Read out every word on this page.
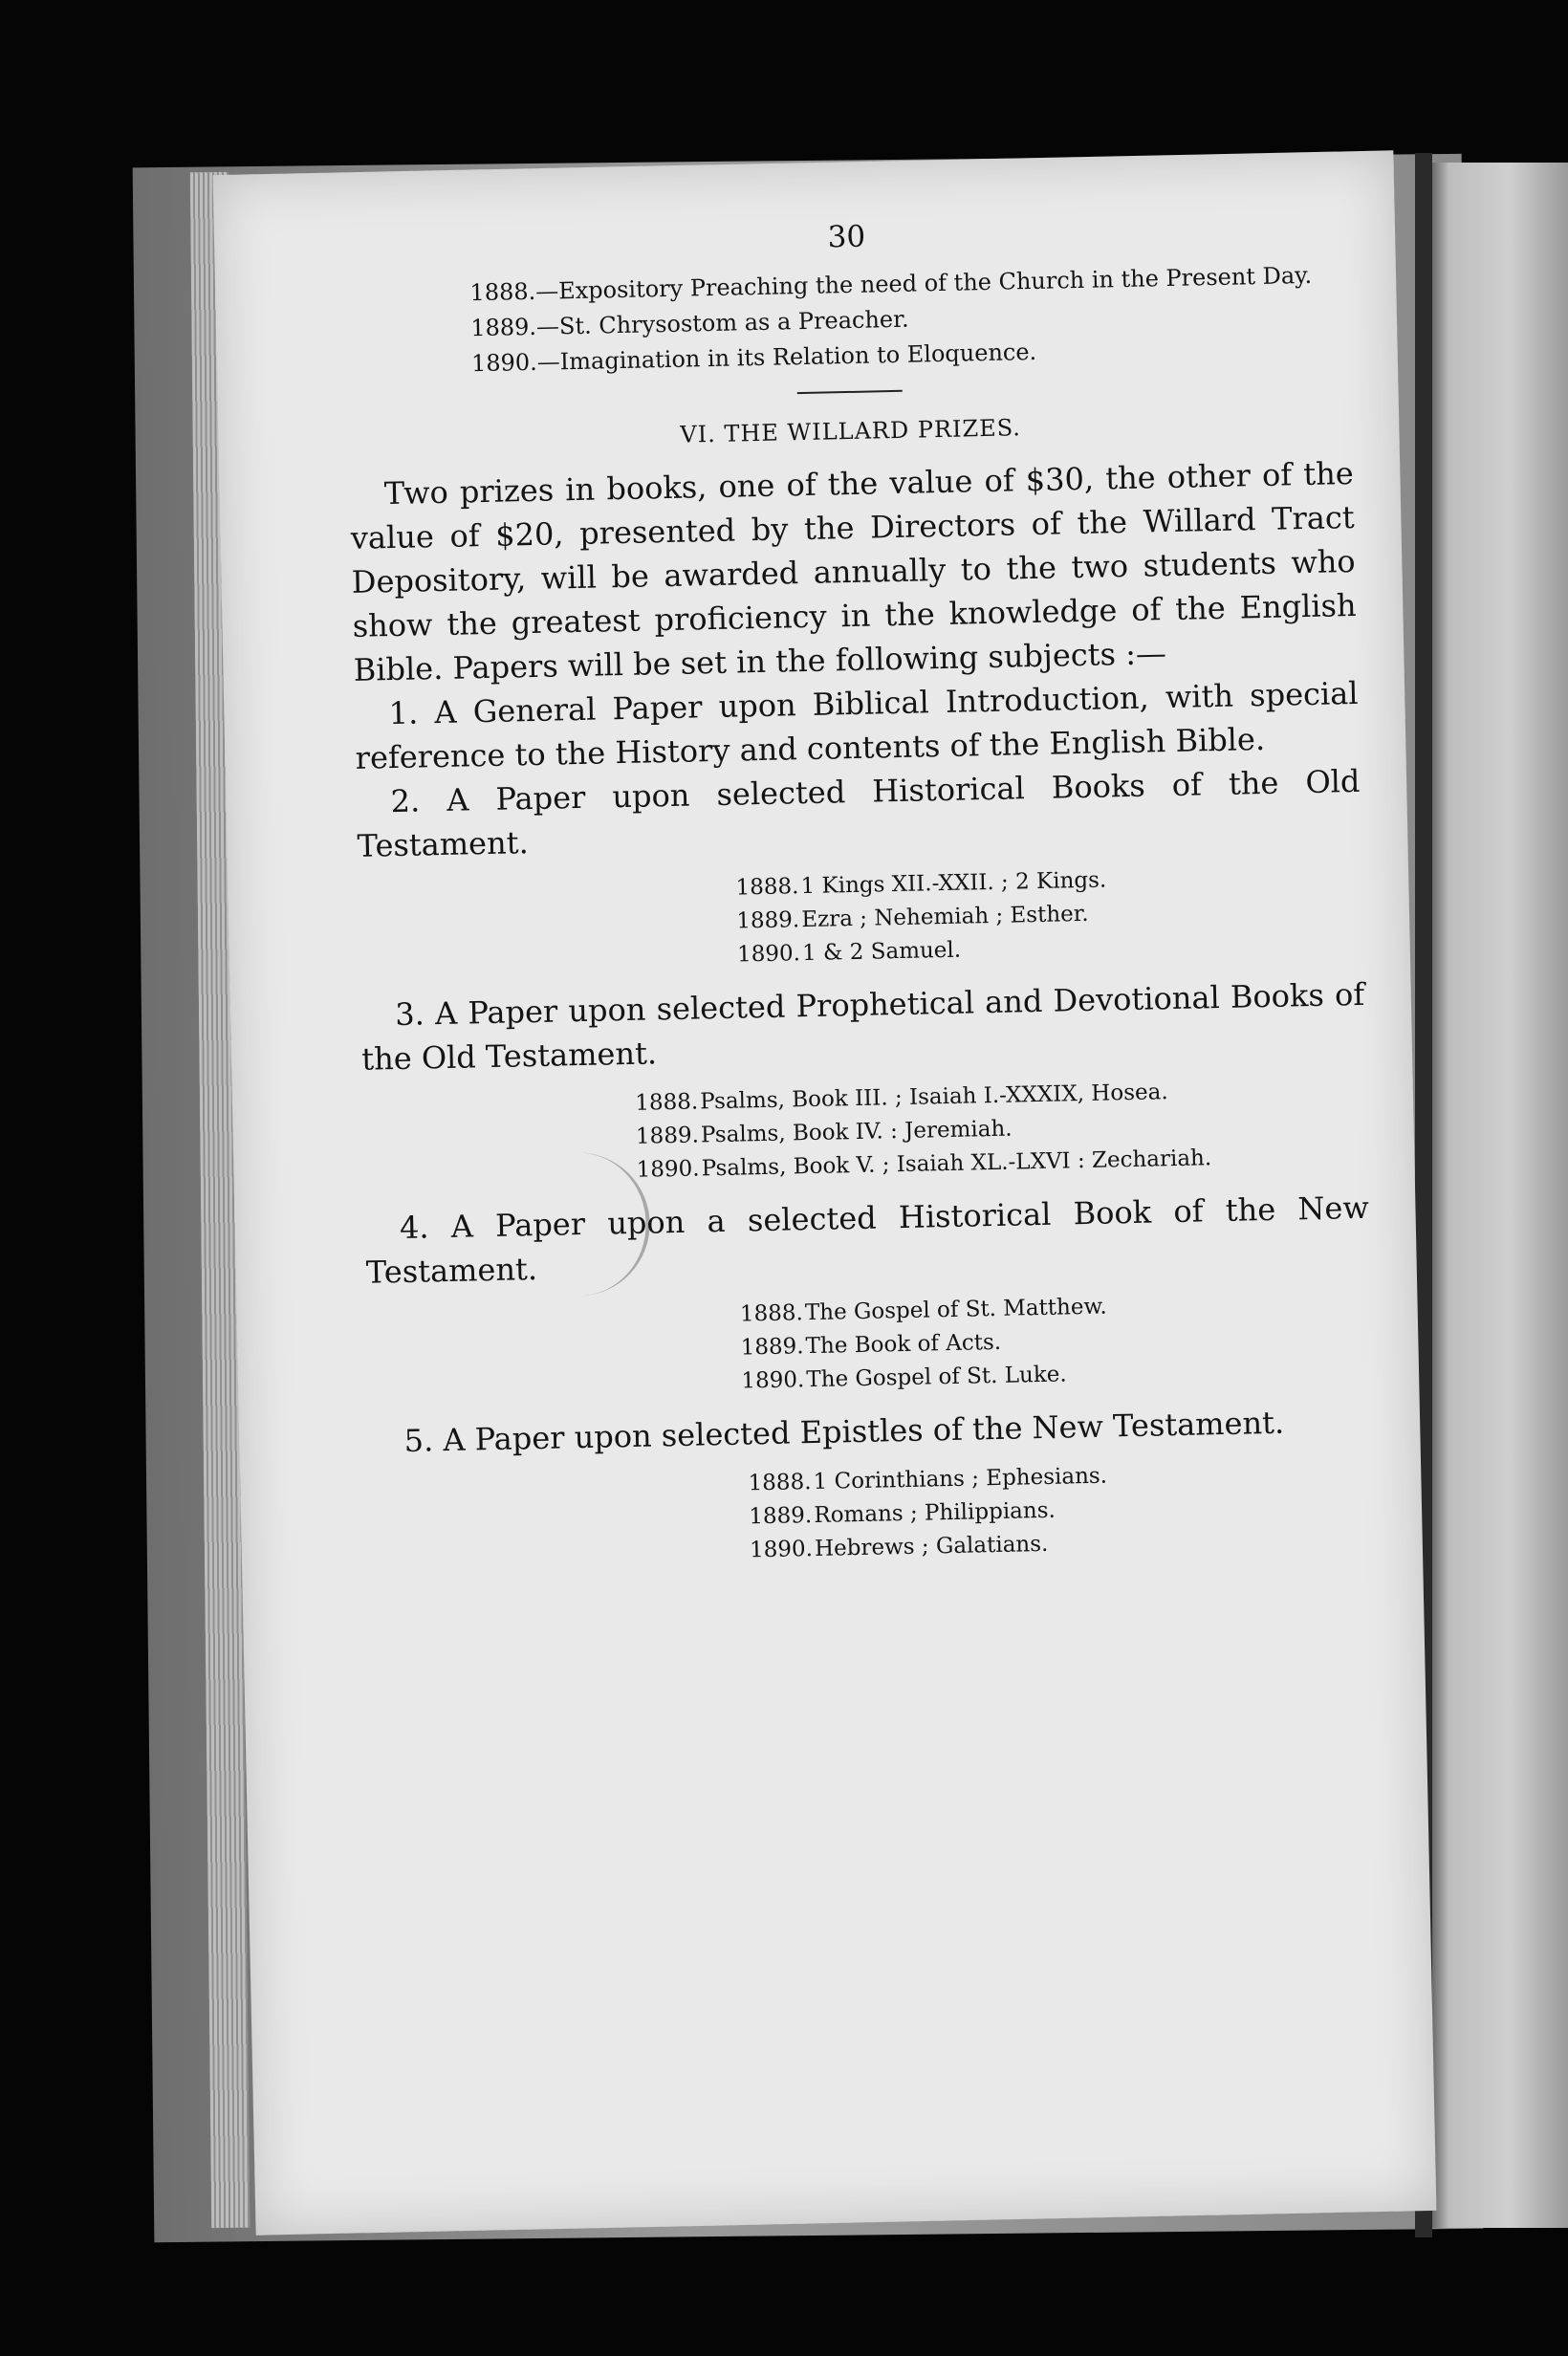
30
1888.—Expository Preaching the need of the Church in the Present Day.
1889.—St. Chrysostom as a Preacher.
1890.—Imagination in its Relation to Eloquence.
VI. THE WILLARD PRIZES.

Two prizes in books, one of the value of $30, the other of the value of $20, presented by the Directors of the Willard Tract Depository, will be awarded annually to the two students who show the greatest proficiency in the knowledge of the English Bible. Papers will be set in the following subjects :—

1. A General Paper upon Biblical Introduction, with special reference to the History and contents of the English Bible.

2. A Paper upon selected Historical Books of the Old Testament.

1888.1 Kings XII.-XXII. ; 2 Kings.
1889.Ezra ; Nehemiah ; Esther.
1890.1 & 2 Samuel.

3. A Paper upon selected Prophetical and Devotional Books of the Old Testament.

1888.Psalms, Book III. ; Isaiah I.-XXXIX, Hosea.
1889.Psalms, Book IV. : Jeremiah.
1890.Psalms, Book V. ; Isaiah XL.-LXVI : Zechariah.

4. A Paper upon a selected Historical Book of the New Testament.

1888.The Gospel of St. Matthew.
1889.The Book of Acts.
1890.The Gospel of St. Luke.

5. A Paper upon selected Epistles of the New Testament.

1888.1 Corinthians ; Ephesians.
1889.Romans ; Philippians.
1890.Hebrews ; Galatians.
